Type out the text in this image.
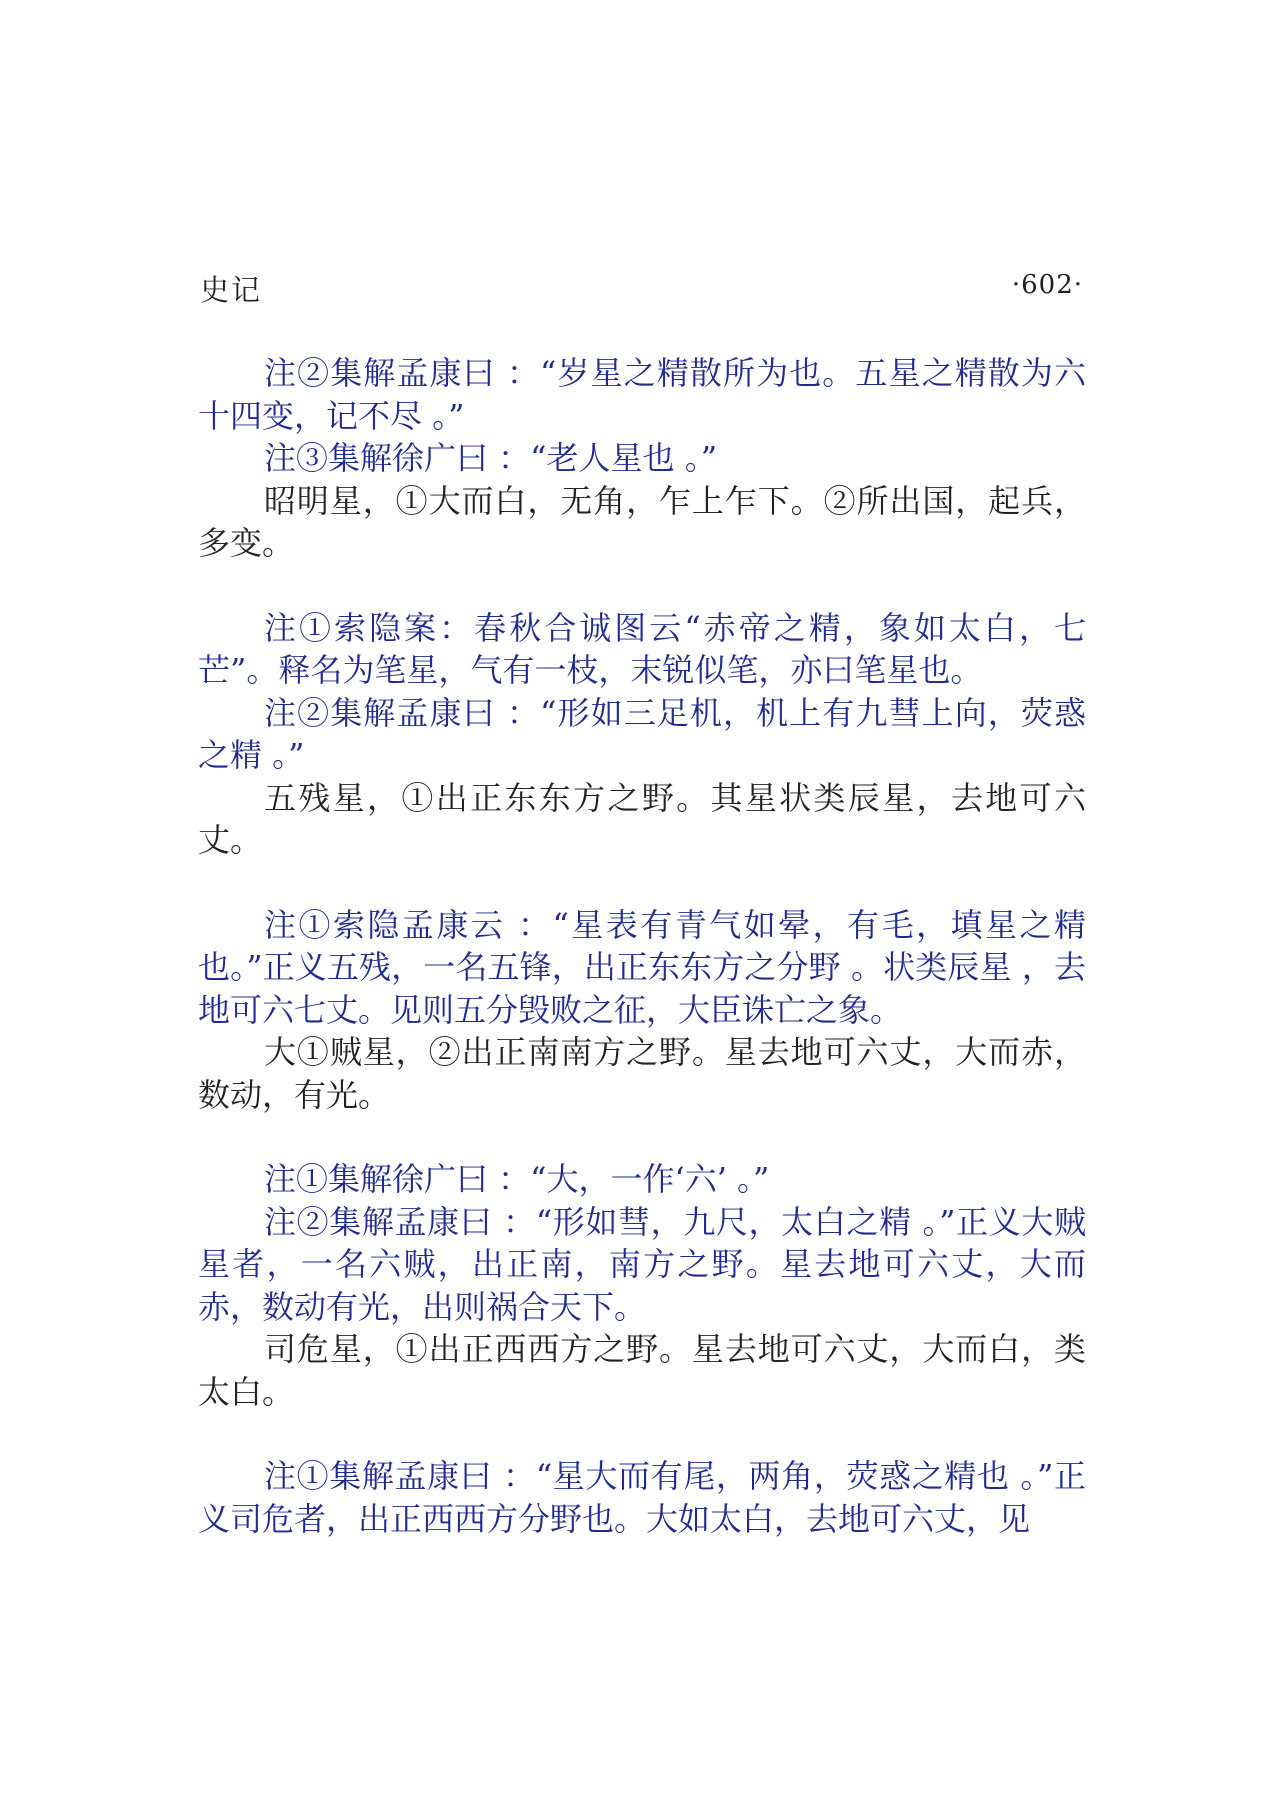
史记	·602·

注②集解孟康曰 ：“岁星之精散所为也。五星之精散为六十四变，记不尽 。”

注③集解徐广曰 ：“老人星也 。”

昭明星，①大而白，无角，乍上乍下。②所出国，起兵，多变。

注①索隐案：春秋合诚图云“赤帝之精，象如太白，七芒”。释名为笔星，气有一枝，末锐似笔，亦曰笔星也。

注②集解孟康曰 ：“形如三足机，机上有九彗上向，荧惑之精 。”

五残星，①出正东东方之野。其星状类辰星，去地可六丈。

注①索隐孟康云 ：“星表有青气如晕，有毛，填星之精也。”正义五残，一名五锋，出正东东方之分野 。状类辰星 ，去地可六七丈。见则五分毁败之征，大臣诛亡之象。

大①贼星，②出正南南方之野。星去地可六丈，大而赤，数动，有光。

注①集解徐广曰 ：“大，一作‘六’ 。”

注②集解孟康曰 ：“形如彗，九尺，太白之精 。”正义大贼星者，一名六贼，出正南，南方之野。星去地可六丈，大而赤，数动有光，出则祸合天下。

司危星，①出正西西方之野。星去地可六丈，大而白，类太白。

注①集解孟康曰 ：“星大而有尾，两角，荧惑之精也 。”正义司危者，出正西西方分野也。大如太白，去地可六丈，见
